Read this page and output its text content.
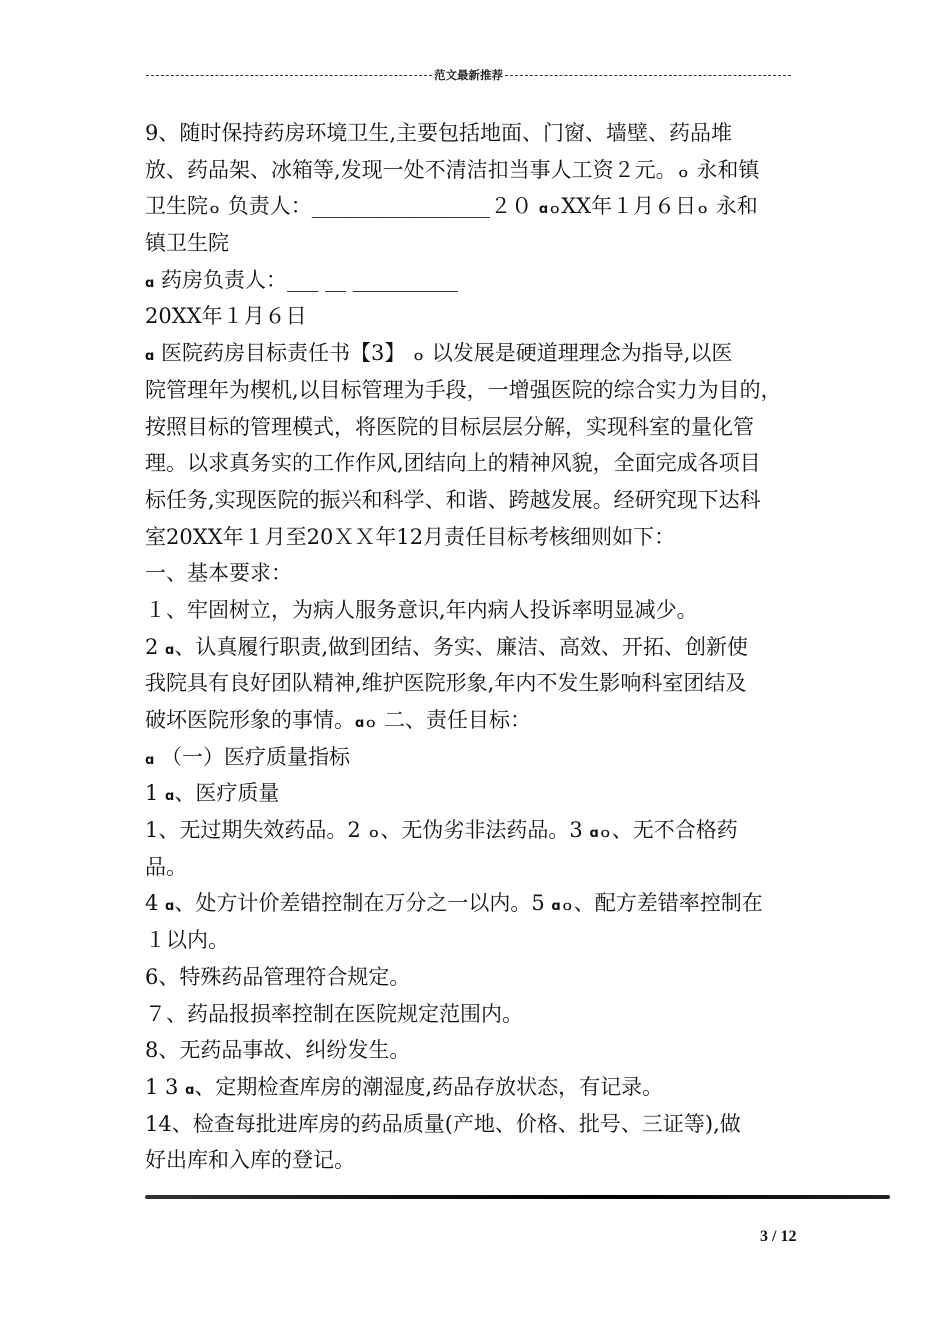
范文最新推荐
9、随时保持药房环境卫生,主要包括地面、门窗、墙壁、药品堆
放、药品架、冰箱等,发现一处不清洁扣当事人工资２元。ｏ 永和镇
卫生院ｏ 负责人：_________________２０ ɑｏXX年１月６日ｏ 永和
镇卫生院
ɑ 药房负责人：___ __ __________
20XX年１月６日
ɑ 医院药房目标责任书【3】 ｏ 以发展是硬道理理念为指导,以医
院管理年为楔机,以目标管理为手段，一增强医院的综合实力为目的，
按照目标的管理模式，将医院的目标层层分解，实现科室的量化管
理。以求真务实的工作作风,团结向上的精神风貌，全面完成各项目
标任务,实现医院的振兴和科学、和谐、跨越发展。经研究现下达科
室20XX年１月至20ＸＸ年12月责任目标考核细则如下：
一、基本要求：
１、牢固树立，为病人服务意识,年内病人投诉率明显减少。
2 ɑ、认真履行职责,做到团结、务实、廉洁、高效、开拓、创新使
我院具有良好团队精神,维护医院形象,年内不发生影响科室团结及
破坏医院形象的事情。ɑｏ 二、责任目标：
ɑ （一）医疗质量指标
1 ɑ、医疗质量
1、无过期失效药品。2 ｏ、无伪劣非法药品。3 ɑｏ、无不合格药
品。
4 ɑ、处方计价差错控制在万分之一以内。5 ɑｏ、配方差错率控制在
１以内。
6、特殊药品管理符合规定。
７、药品报损率控制在医院规定范围内。
8、无药品事故、纠纷发生。
1 3 ɑ、定期检查库房的潮湿度,药品存放状态，有记录。
14、检查每批进库房的药品质量(产地、价格、批号、三证等),做
好出库和入库的登记。
3 / 12
